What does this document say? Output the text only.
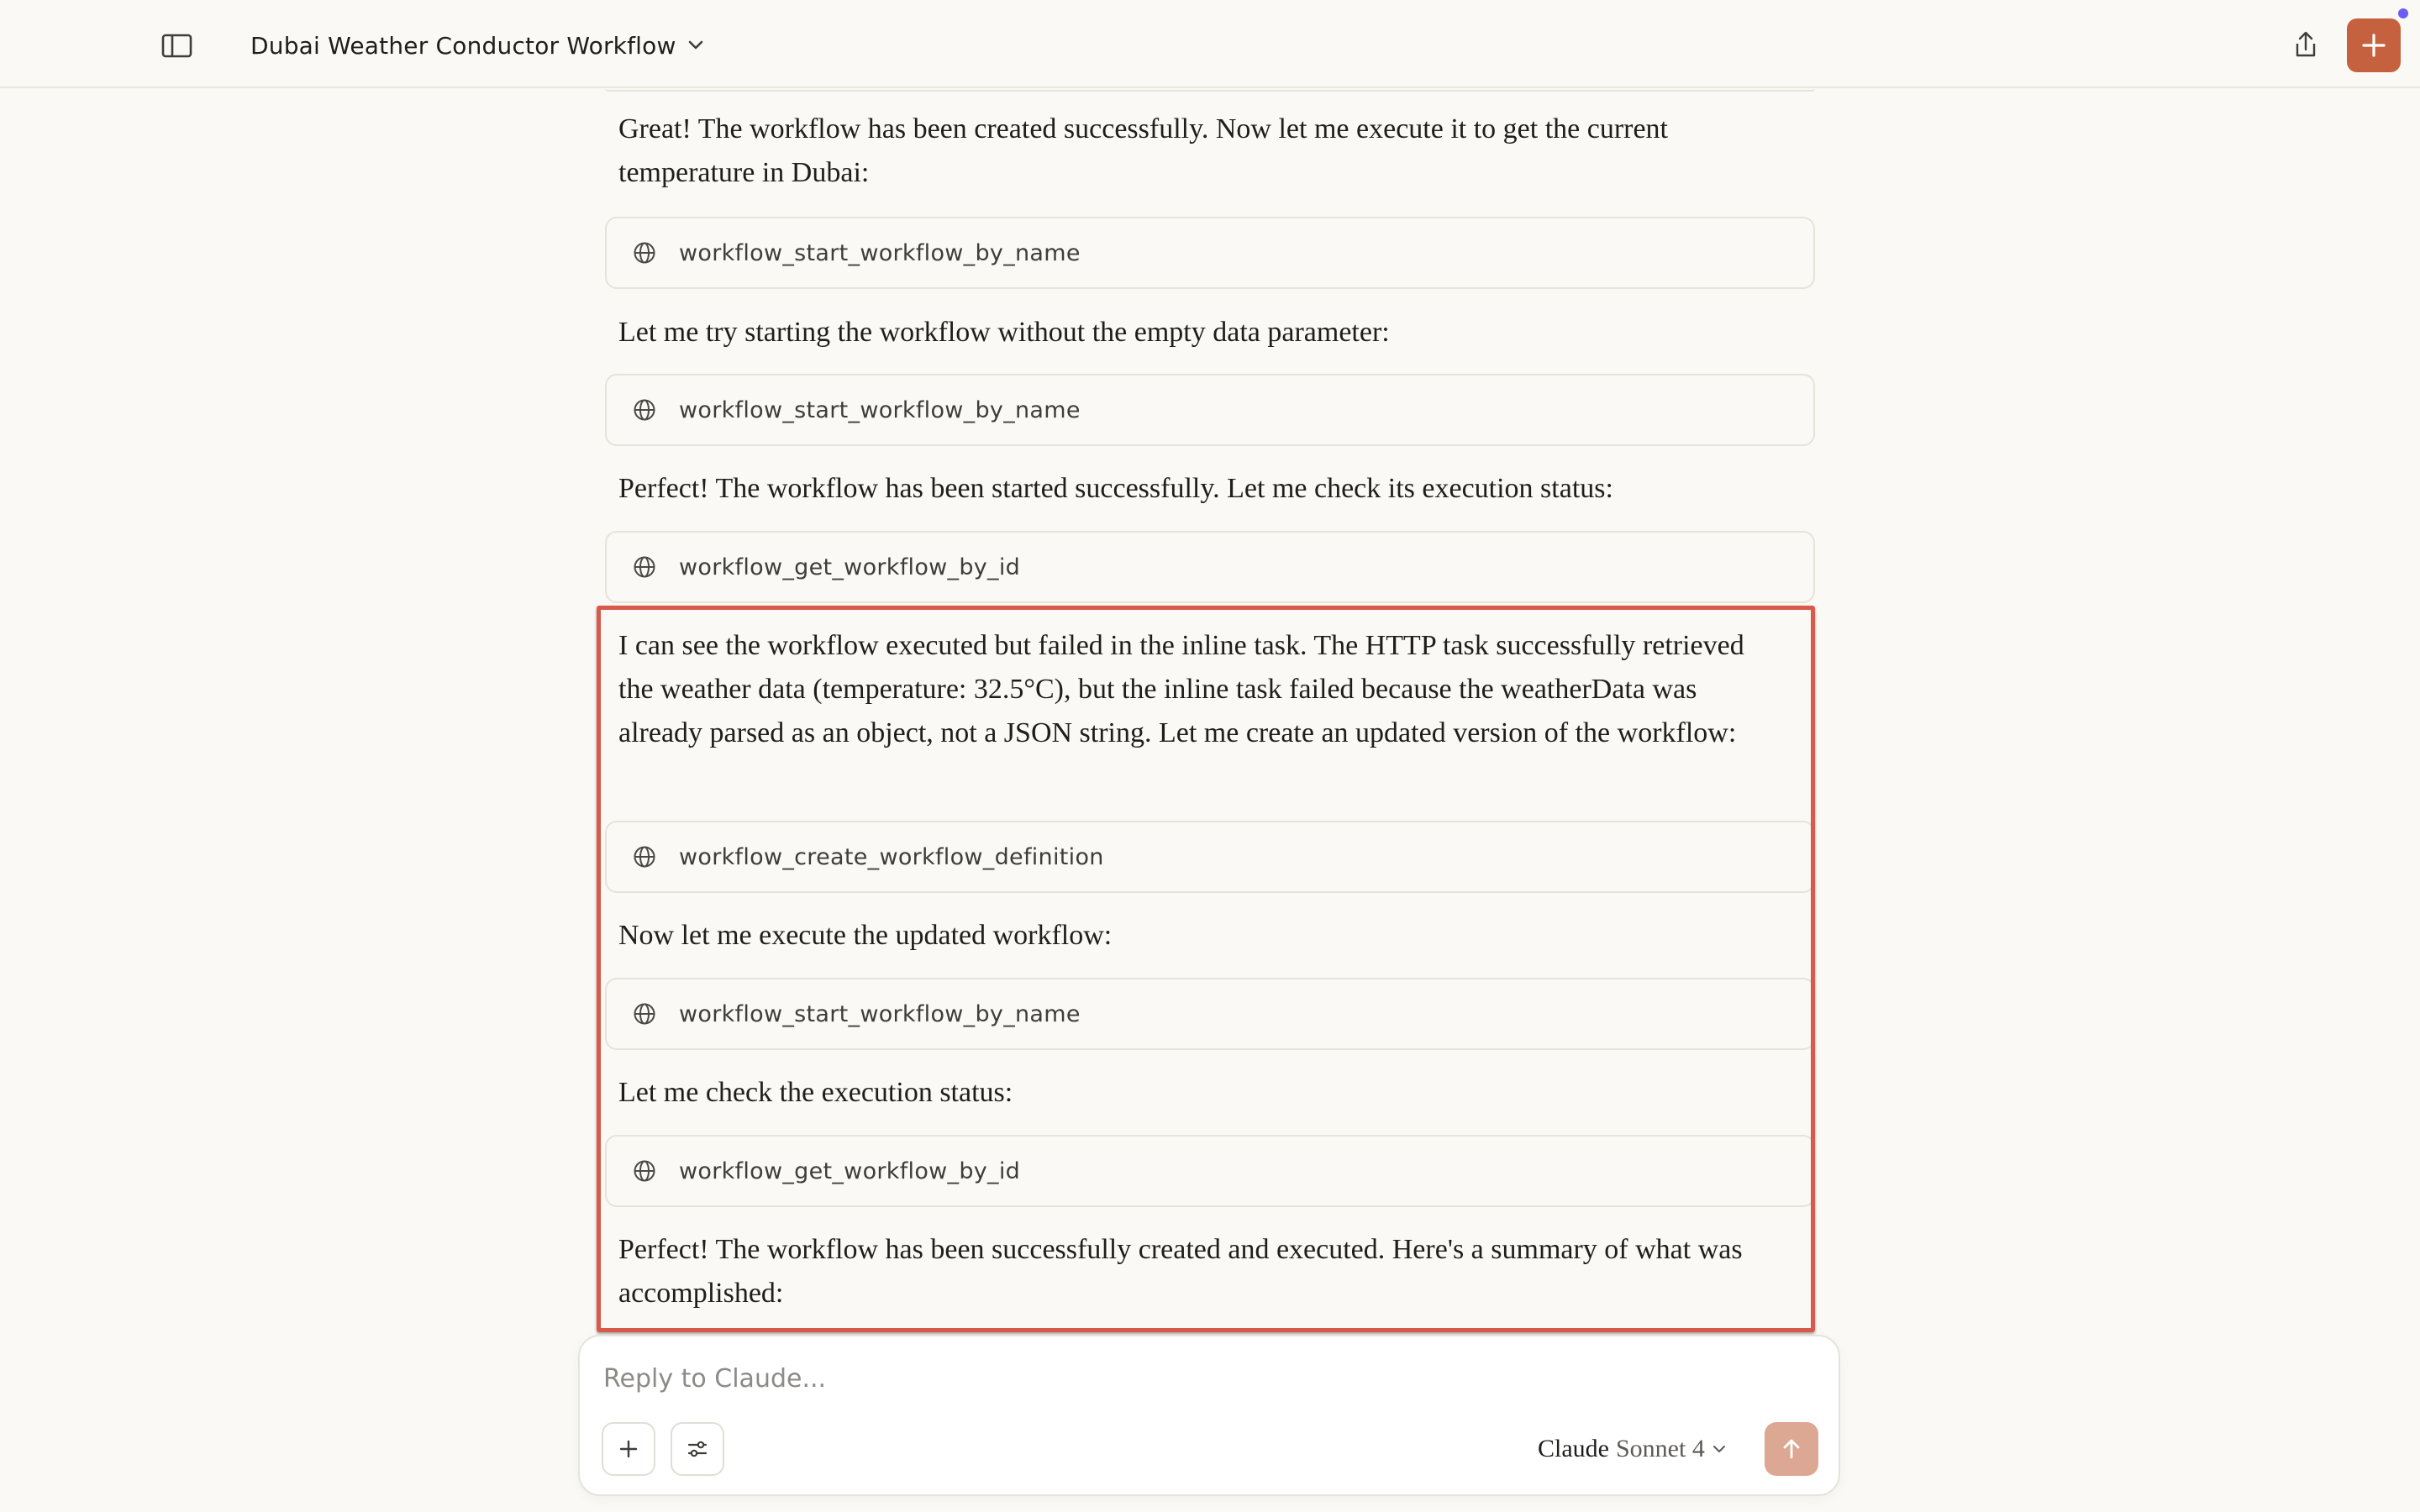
Dubai Weather Conductor Workflow
Great! The workflow has been created successfully. Now let me execute it to get the current temperature in Dubai:
workflow_start_workflow_by_name
Let me try starting the workflow without the empty data parameter:
workflow_start_workflow_by_name
Perfect! The workflow has been started successfully. Let me check its execution status:
workflow_get_workflow_by_id
I can see the workflow executed but failed in the inline task. The HTTP task successfully retrieved the weather data (temperature: 32.5°C), but the inline task failed because the weatherData was already parsed as an object, not a JSON string. Let me create an updated version of the workflow:
workflow_create_workflow_definition
Now let me execute the updated workflow:
workflow_start_workflow_by_name
Let me check the execution status:
workflow_get_workflow_by_id
Perfect! The workflow has been successfully created and executed. Here's a summary of what was accomplished:
Reply to Claude...
Claude Sonnet 4
